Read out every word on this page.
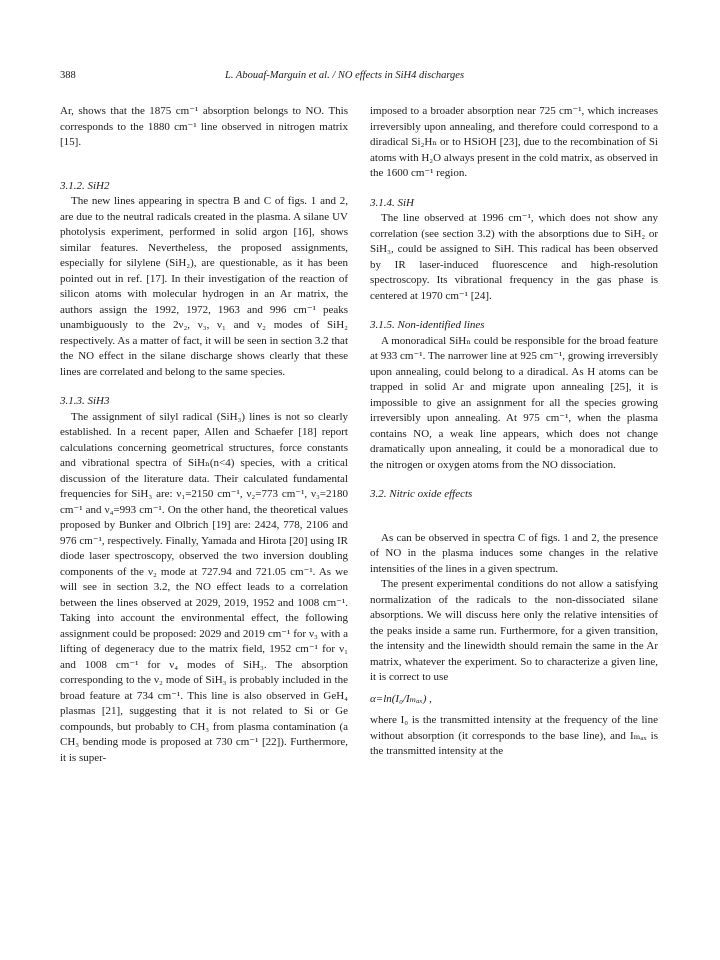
388	L. Abouaf-Marguin et al. / NO effects in SiH4 discharges

Ar, shows that the 1875 cm⁻¹ absorption belongs to NO. This corresponds to the 1880 cm⁻¹ line observed in nitrogen matrix [15].

3.1.2. SiH2

The new lines appearing in spectra B and C of figs. 1 and 2, are due to the neutral radicals created in the plasma. A silane UV photolysis experiment, performed in solid argon [16], shows similar features. Nevertheless, the proposed assignments, especially for silylene (SiH₂), are questionable, as it has been pointed out in ref. [17]. In their investigation of the reaction of silicon atoms with molecular hydrogen in an Ar matrix, the authors assign the 1992, 1972, 1963 and 996 cm⁻¹ peaks unambiguously to the 2ν₂, ν₃, ν₁ and ν₂ modes of SiH₂ respectively. As a matter of fact, it will be seen in section 3.2 that the NO effect in the silane discharge shows clearly that these lines are correlated and belong to the same species.

3.1.3. SiH3

The assignment of silyl radical (SiH₃) lines is not so clearly established. In a recent paper, Allen and Schaefer [18] report calculations concerning geometrical structures, force constants and vibrational spectra of SiHₙ(n<4) species, with a critical discussion of the literature data. Their calculated fundamental frequencies for SiH₃ are: ν₁=2150 cm⁻¹, ν₂=773 cm⁻¹, ν₃=2180 cm⁻¹ and ν₄=993 cm⁻¹. On the other hand, the theoretical values proposed by Bunker and Olbrich [19] are: 2424, 778, 2106 and 976 cm⁻¹, respectively. Finally, Yamada and Hirota [20] using IR diode laser spectroscopy, observed the two inversion doubling components of the ν₂ mode at 727.94 and 721.05 cm⁻¹. As we will see in section 3.2, the NO effect leads to a correlation between the lines observed at 2029, 2019, 1952 and 1008 cm⁻¹. Taking into account the environmental effect, the following assignment could be proposed: 2029 and 2019 cm⁻¹ for ν₃ with a lifting of degeneracy due to the matrix field, 1952 cm⁻¹ for ν₁ and 1008 cm⁻¹ for ν₄ modes of SiH₃. The absorption corresponding to the ν₂ mode of SiH₃ is probably included in the broad feature at 734 cm⁻¹. This line is also observed in GeH₄ plasmas [21], suggesting that it is not related to Si or Ge compounds, but probably to CH₃ from plasma contamination (a CH₃ bending mode is proposed at 730 cm⁻¹ [22]). Furthermore, it is super-

imposed to a broader absorption near 725 cm⁻¹, which increases irreversibly upon annealing, and therefore could correspond to a diradical Si₂Hₙ or to HSiOH [23], due to the recombination of Si atoms with H₂O always present in the cold matrix, as observed in the 1600 cm⁻¹ region.

3.1.4. SiH

The line observed at 1996 cm⁻¹, which does not show any correlation (see section 3.2) with the absorptions due to SiH₂ or SiH₃, could be assigned to SiH. This radical has been observed by IR laser-induced fluorescence and high-resolution spectroscopy. Its vibrational frequency in the gas phase is centered at 1970 cm⁻¹ [24].

3.1.5. Non-identified lines

A monoradical SiHₙ could be responsible for the broad feature at 933 cm⁻¹. The narrower line at 925 cm⁻¹, growing irreversibly upon annealing, could belong to a diradical. As H atoms can be trapped in solid Ar and migrate upon annealing [25], it is impossible to give an assignment for all the species growing irreversibly upon annealing. At 975 cm⁻¹, when the plasma contains NO, a weak line appears, which does not change dramatically upon annealing, it could be a monoradical due to the nitrogen or oxygen atoms from the NO dissociation.

3.2. Nitric oxide effects

As can be observed in spectra C of figs. 1 and 2, the presence of NO in the plasma induces some changes in the relative intensities of the lines in a given spectrum.

The present experimental conditions do not allow a satisfying normalization of the radicals to the non-dissociated silane absorptions. We will discuss here only the relative intensities of the peaks inside a same run. Furthermore, for a given transition, the intensity and the linewidth should remain the same in the Ar matrix, whatever the experiment. So to characterize a given line, it is correct to use

α=ln(I₀/Iₘₐₓ) ,

where I₀ is the transmitted intensity at the frequency of the line without absorption (it corresponds to the base line), and Iₘₐₓ is the transmitted intensity at the
